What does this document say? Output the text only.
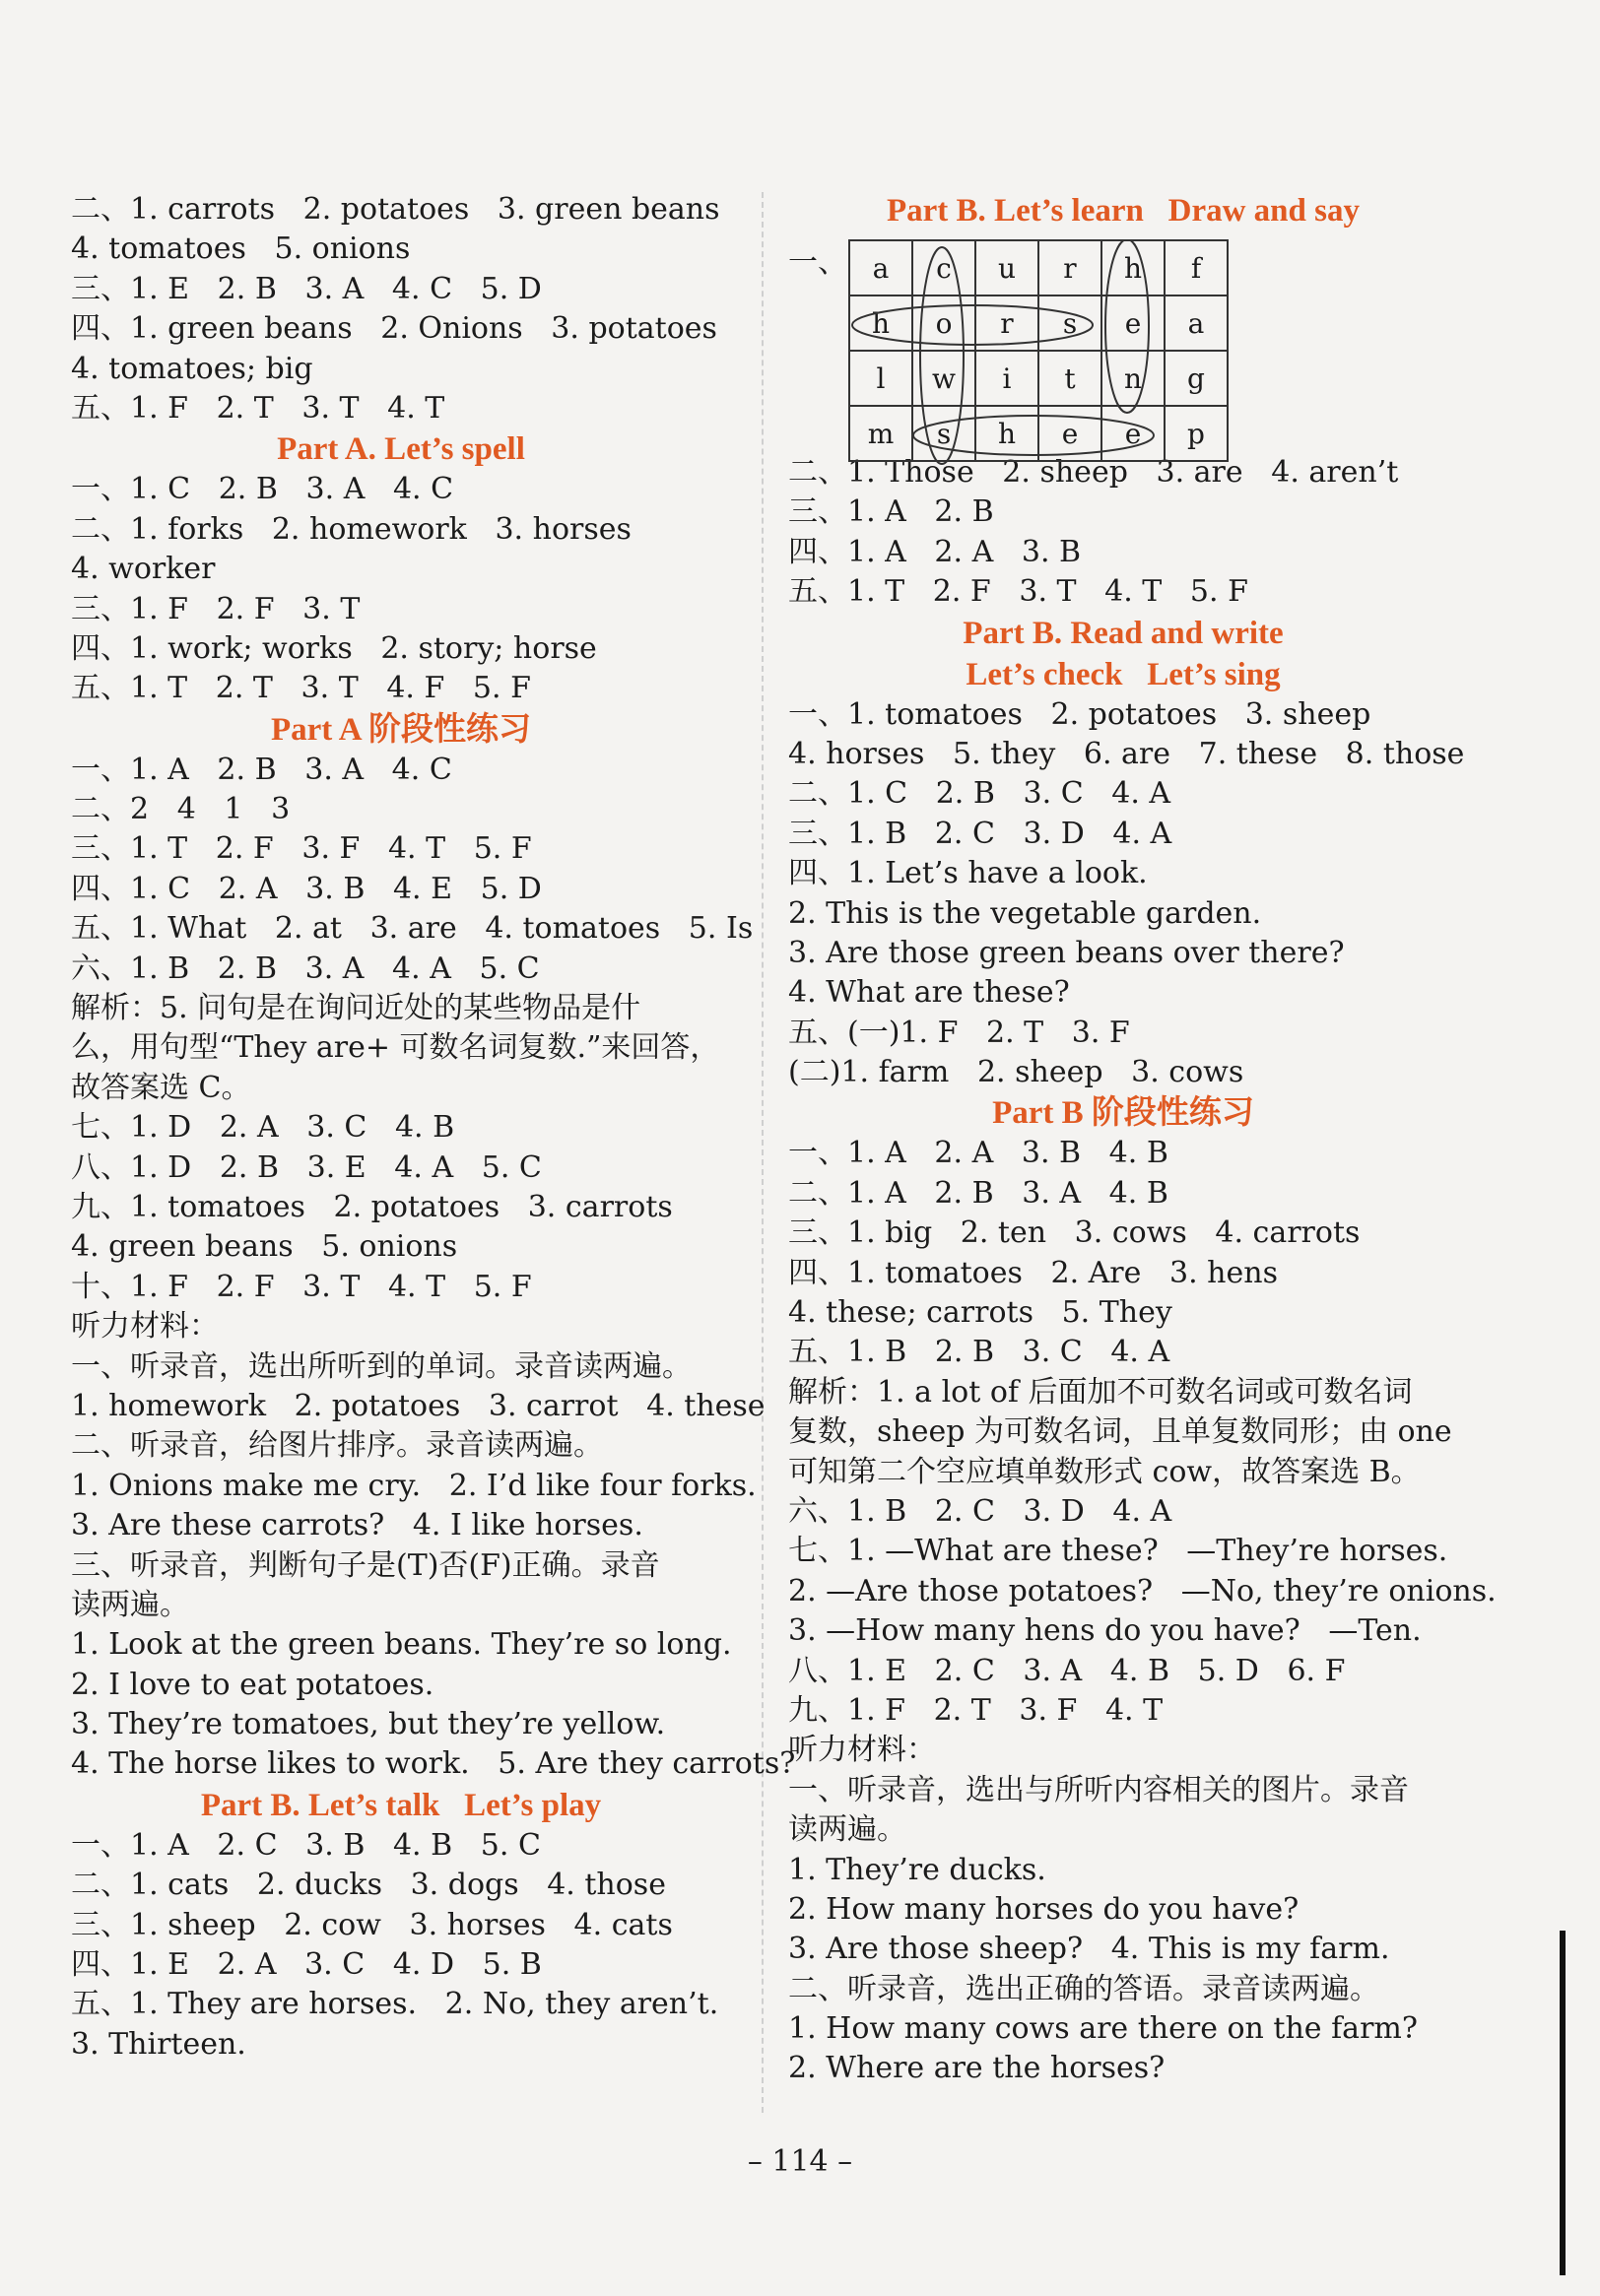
二、1. carrots   2. potatoes   3. green beans
4. tomatoes   5. onions
三、1. E   2. B   3. A   4. C   5. D
四、1. green beans   2. Onions   3. potatoes
4. tomatoes; big
五、1. F   2. T   3. T   4. T
Part A. Let’s spell
一、1. C   2. B   3. A   4. C
二、1. forks   2. homework   3. horses
4. worker
三、1. F   2. F   3. T
四、1. work; works   2. story; horse
五、1. T   2. T   3. T   4. F   5. F
Part A 阶段性练习
一、1. A   2. B   3. A   4. C
二、2   4   1   3
三、1. T   2. F   3. F   4. T   5. F
四、1. C   2. A   3. B   4. E   5. D
五、1. What   2. at   3. are   4. tomatoes   5. Is
六、1. B   2. B   3. A   4. A   5. C
解析：5. 问句是在询问近处的某些物品是什
么，用句型“They are+ 可数名词复数.”来回答，
故答案选 C。
七、1. D   2. A   3. C   4. B
八、1. D   2. B   3. E   4. A   5. C
九、1. tomatoes   2. potatoes   3. carrots
4. green beans   5. onions
十、1. F   2. F   3. T   4. T   5. F
听力材料：
一、听录音，选出所听到的单词。录音读两遍。
1. homework   2. potatoes   3. carrot   4. these
二、听录音，给图片排序。录音读两遍。
1. Onions make me cry.   2. I’d like four forks.
3. Are these carrots?   4. I like horses.
三、听录音，判断句子是(T)否(F)正确。录音
读两遍。
1. Look at the green beans. They’re so long.
2. I love to eat potatoes.
3. They’re tomatoes, but they’re yellow.
4. The horse likes to work.   5. Are they carrots?
Part B. Let’s talk   Let’s play
一、1. A   2. C   3. B   4. B   5. C
二、1. cats   2. ducks   3. dogs   4. those
三、1. sheep   2. cow   3. horses   4. cats
四、1. E   2. A   3. C   4. D   5. B
五、1. They are horses.   2. No, they aren’t.
3. Thirteen.
Part B. Let’s learn   Draw and say
一、 a	c	u	r	h	f
h	o	r	s	e	a
l	w	i	t	n	g
m	s	h	e	e	p
二、1. Those   2. sheep   3. are   4. aren’t
三、1. A   2. B
四、1. A   2. A   3. B
五、1. T   2. F   3. T   4. T   5. F
Part B. Read and write
Let’s check   Let’s sing
一、1. tomatoes   2. potatoes   3. sheep
4. horses   5. they   6. are   7. these   8. those
二、1. C   2. B   3. C   4. A
三、1. B   2. C   3. D   4. A
四、1. Let’s have a look.
2. This is the vegetable garden.
3. Are those green beans over there?
4. What are these?
五、(一)1. F   2. T   3. F
(二)1. farm   2. sheep   3. cows
Part B 阶段性练习
一、1. A   2. A   3. B   4. B
二、1. A   2. B   3. A   4. B
三、1. big   2. ten   3. cows   4. carrots
四、1. tomatoes   2. Are   3. hens
4. these; carrots   5. They
五、1. B   2. B   3. C   4. A
解析：1. a lot of 后面加不可数名词或可数名词
复数，sheep 为可数名词，且单复数同形；由 one
可知第二个空应填单数形式 cow，故答案选 B。
六、1. B   2. C   3. D   4. A
七、1. —What are these?   —They’re horses.
2. —Are those potatoes?   —No, they’re onions.
3. —How many hens do you have?   —Ten.
八、1. E   2. C   3. A   4. B   5. D   6. F
九、1. F   2. T   3. F   4. T
听力材料：
一、听录音，选出与所听内容相关的图片。录音
读两遍。
1. They’re ducks.
2. How many horses do you have?
3. Are those sheep?   4. This is my farm.
二、听录音，选出正确的答语。录音读两遍。
1. How many cows are there on the farm?
2. Where are the horses?
– 114 –
